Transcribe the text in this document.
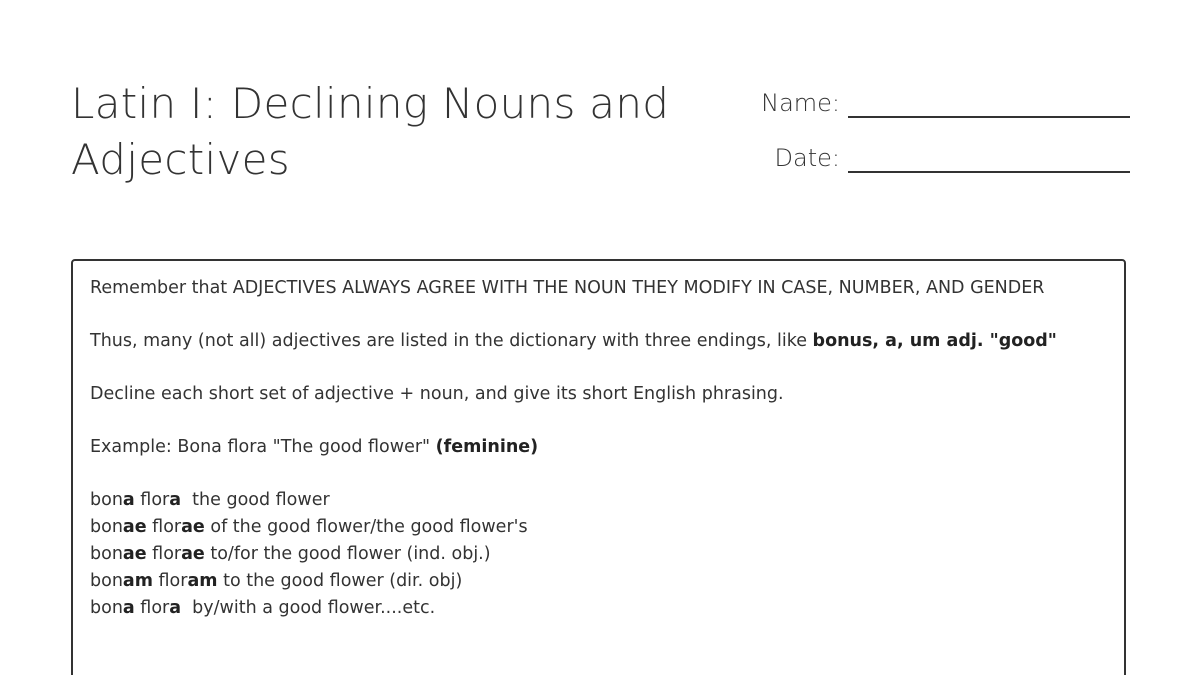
Latin I: Declining Nouns and
Adjectives
Name:
Date:

Remember that ADJECTIVES ALWAYS AGREE WITH THE NOUN THEY MODIFY IN CASE, NUMBER, AND GENDER

Thus, many (not all) adjectives are listed in the dictionary with three endings, like bonus, a, um adj. "good"

Decline each short set of adjective + noun, and give its short English phrasing.

Example: Bona flora "The good flower" (feminine)

bona flora  the good flower
bonae florae of the good flower/the good flower's
bonae florae to/for the good flower (ind. obj.)
bonam floram to the good flower (dir. obj)
bona flora  by/with a good flower....etc.
